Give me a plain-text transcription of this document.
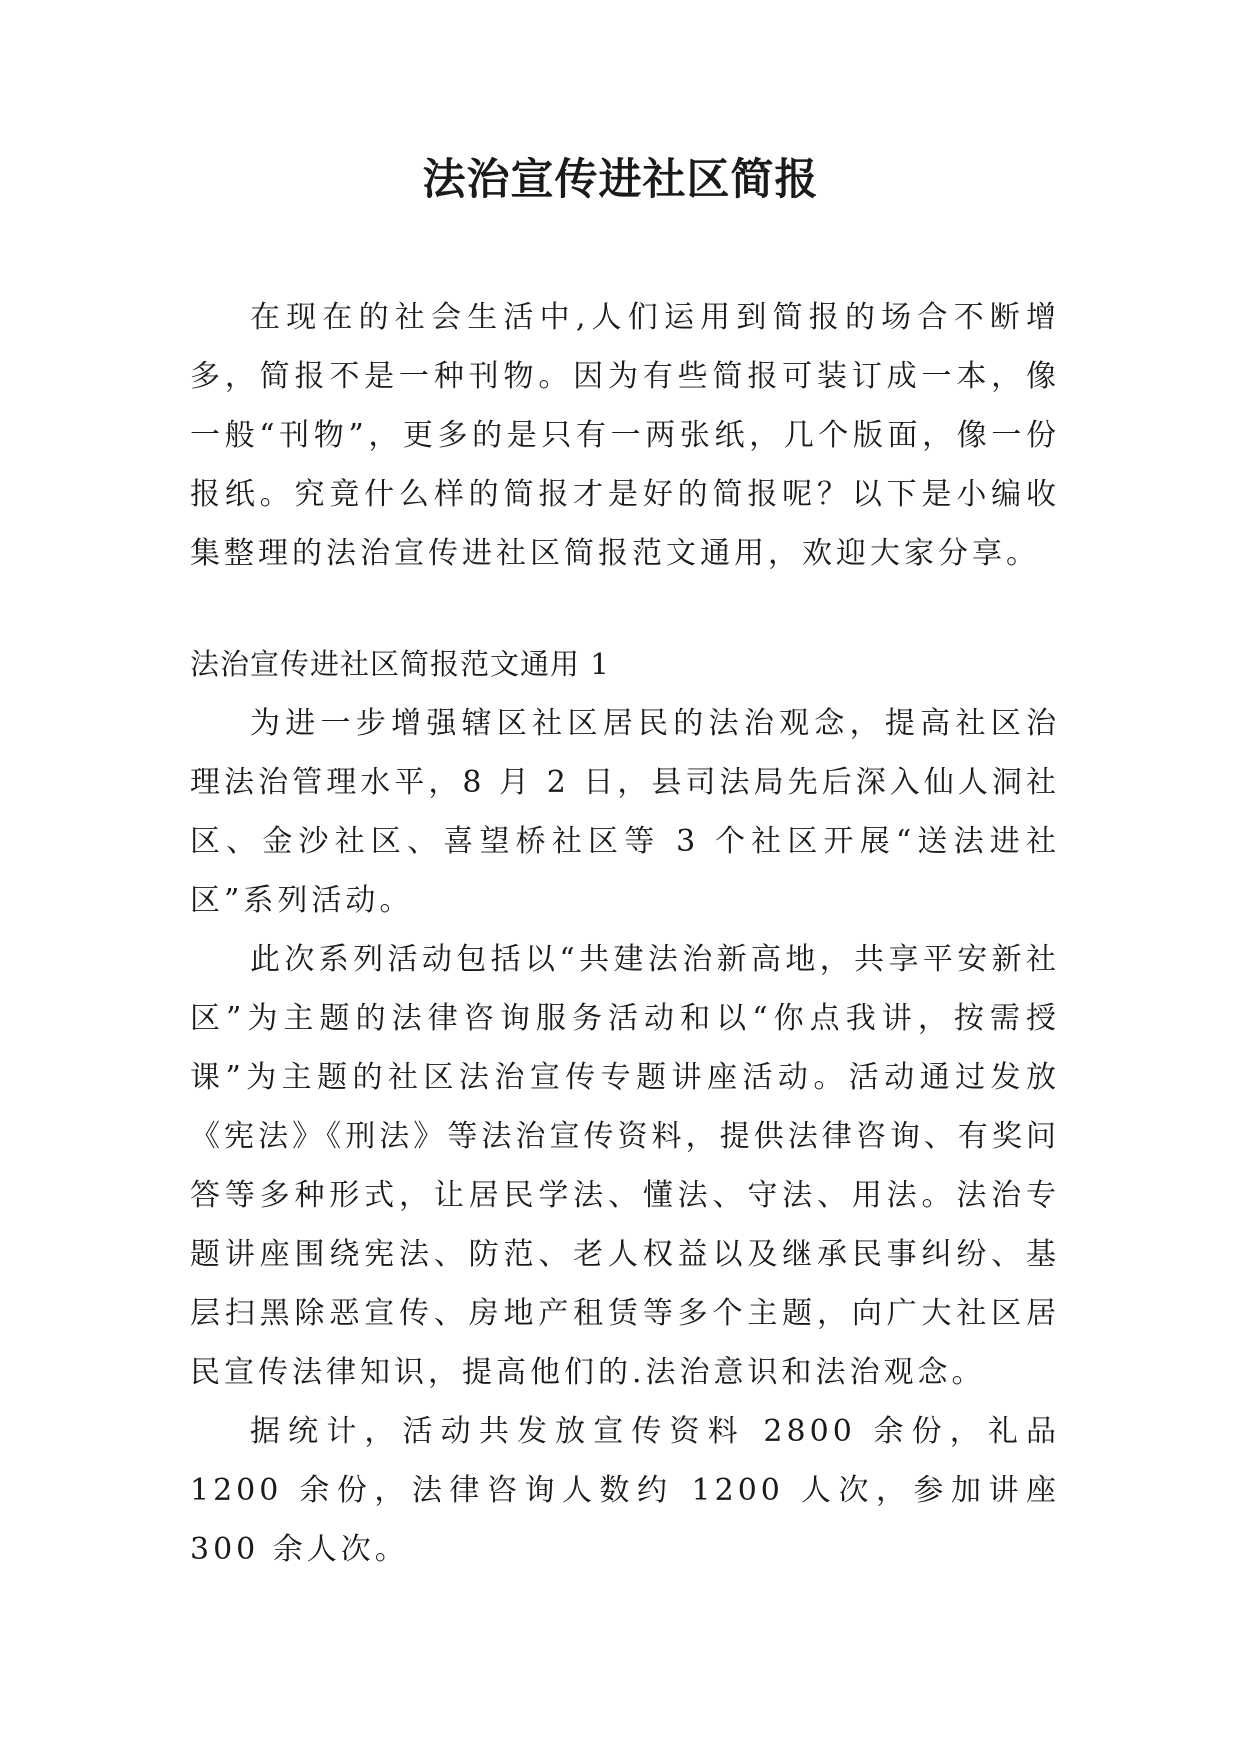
法治宣传进社区简报

在现在的社会生活中,人们运用到简报的场合不断增多，简报不是一种刊物。因为有些简报可装订成一本，像一般“刊物”，更多的是只有一两张纸，几个版面，像一份报纸。究竟什么样的简报才是好的简报呢？以下是小编收集整理的法治宣传进社区简报范文通用，欢迎大家分享。

法治宣传进社区简报范文通用 1

为进一步增强辖区社区居民的法治观念，提高社区治理法治管理水平，8 月 2 日，县司法局先后深入仙人洞社区、金沙社区、喜望桥社区等 3 个社区开展“送法进社区”系列活动。

此次系列活动包括以“共建法治新高地，共享平安新社区”为主题的法律咨询服务活动和以“你点我讲，按需授课”为主题的社区法治宣传专题讲座活动。活动通过发放《宪法》《刑法》等法治宣传资料，提供法律咨询、有奖问答等多种形式，让居民学法、懂法、守法、用法。法治专题讲座围绕宪法、防范、老人权益以及继承民事纠纷、基层扫黑除恶宣传、房地产租赁等多个主题，向广大社区居民宣传法律知识，提高他们的.法治意识和法治观念。

据统计，活动共发放宣传资料 2800 余份，礼品 1200 余份，法律咨询人数约 1200 人次，参加讲座 300 余人次。
